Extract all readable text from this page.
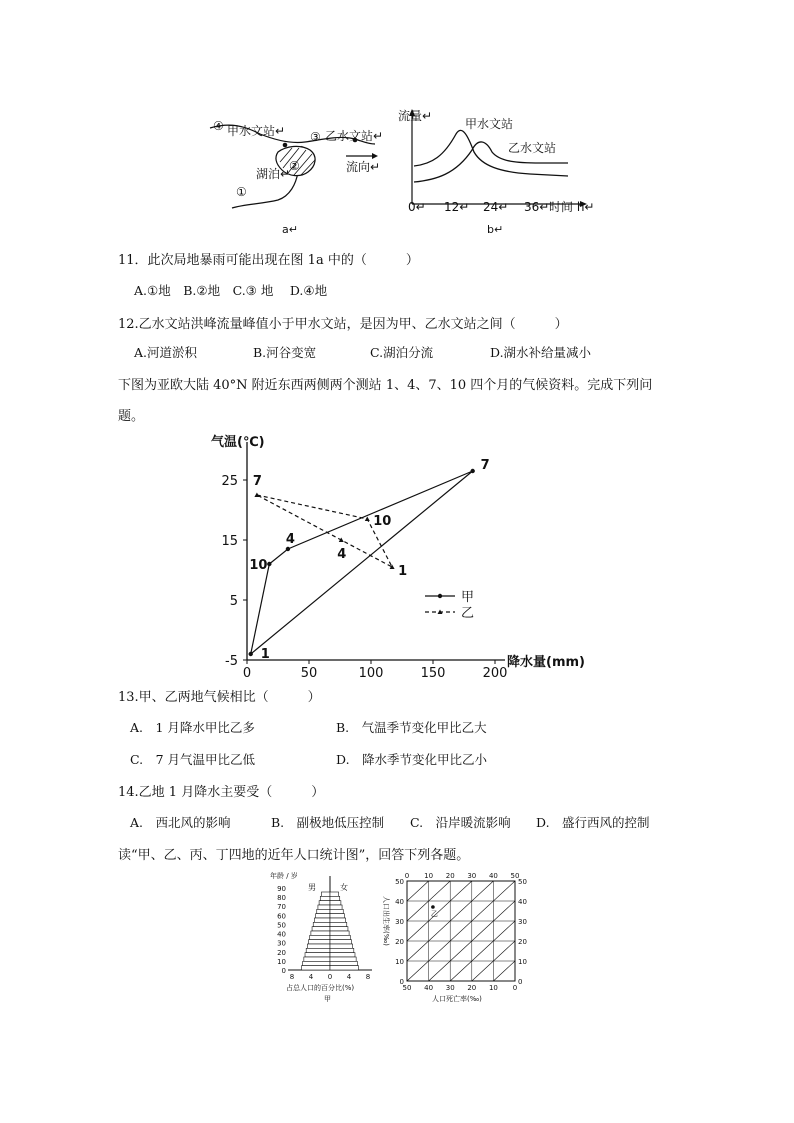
④ 甲水文站↵ ③ 乙水文站↵
②
湖泊↵	流向↵
①
a↵
流量↵
甲水文站
乙水文站
0↵ 12↵ 24↵ 36↵ 时间 h↵
b↵
11．此次局地暴雨可能出现在图 1a 中的（　　　）
A.①地　B.②地　C.③ 地　 D.④地
12.乙水文站洪峰流量峰值小于甲水文站，是因为甲、乙水文站之间（　　　）
A.河道淤积	B.河谷变宽	C.湖泊分流	D.湖水补给量减小
下图为亚欧大陆 40°N 附近东西两侧两个测站 1、4、7、10 四个月的气候资料。完成下列问
题。
气温(℃)
降水量(mm)
0	50	100	150	200
-5
5
15
25
1
10
4
7
7
10
1
4
甲
乙
13.甲、乙两地气候相比（　　　）
A.　1 月降水甲比乙多	B.　气温季节变化甲比乙大
C.　7 月气温甲比乙低	D.　降水季节变化甲比乙小
14.乙地 1 月降水主要受（　　　）
A.　西北风的影响	B.　副极地低压控制 C.　沿岸暖流影响 D.　盛行西风的控制
读“甲、乙、丙、丁四地的近年人口统计图”，回答下列各题。
年龄 / 岁
男	女
90
80
70
60
50
40
30
20
10
0
8 4 0 4 8
占总人口的百分比(%)
甲
0 10 20 30 40 50
50	50
40	40
30	30
20	20
10	10
0	0
50 40 30 20 10 0
人口出生率(‰)	乙
人口死亡率(‰)
